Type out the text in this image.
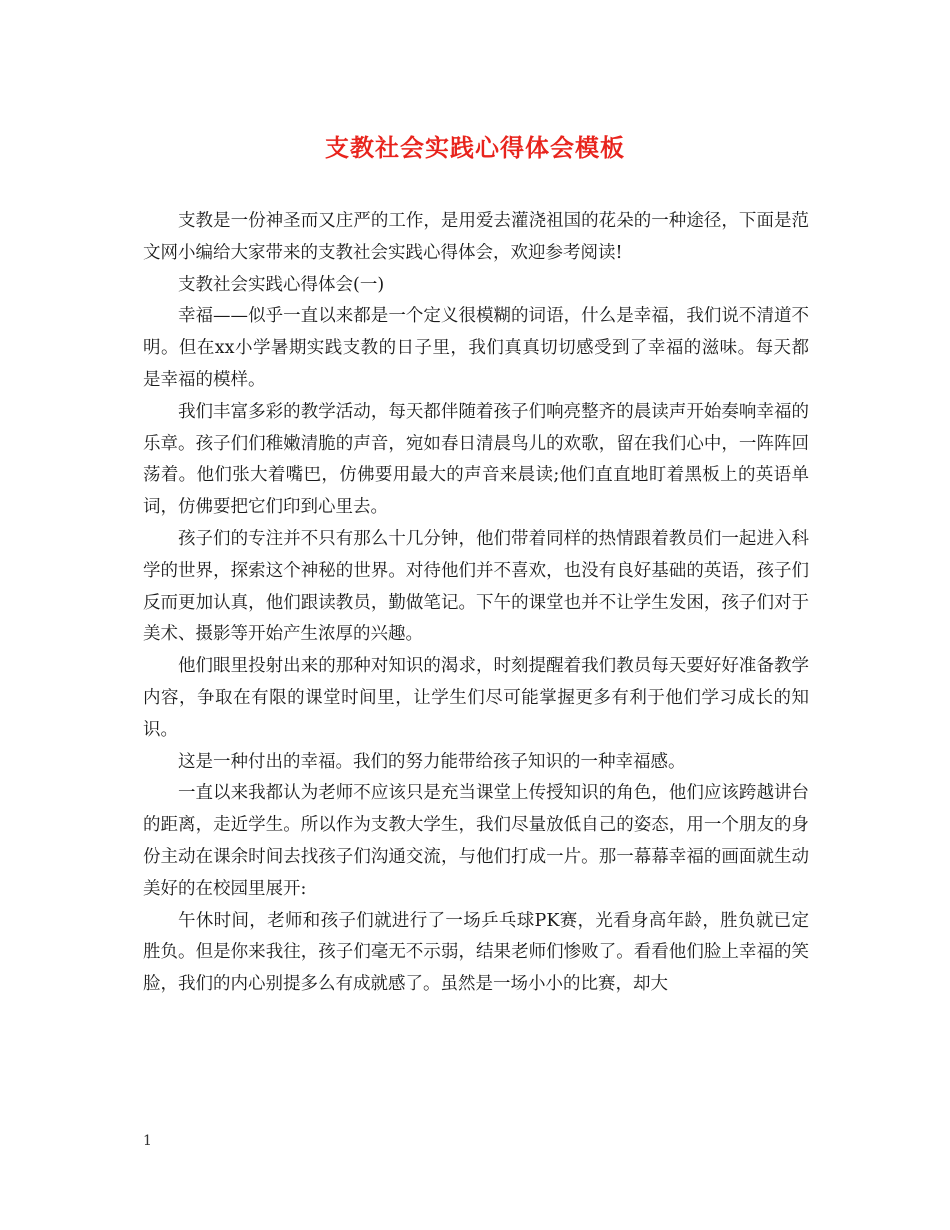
支教社会实践心得体会模板

支教是一份神圣而又庄严的工作，是用爱去灌浇祖国的花朵的一种途径，下面是范文网小编给大家带来的支教社会实践心得体会，欢迎参考阅读!

支教社会实践心得体会(一)

幸福——似乎一直以来都是一个定义很模糊的词语，什么是幸福，我们说不清道不明。但在xx小学暑期实践支教的日子里，我们真真切切感受到了幸福的滋味。每天都是幸福的模样。

我们丰富多彩的教学活动，每天都伴随着孩子们响亮整齐的晨读声开始奏响幸福的乐章。孩子们们稚嫩清脆的声音，宛如春日清晨鸟儿的欢歌，留在我们心中，一阵阵回荡着。他们张大着嘴巴，仿佛要用最大的声音来晨读;他们直直地盯着黑板上的英语单词，仿佛要把它们印到心里去。

孩子们的专注并不只有那么十几分钟，他们带着同样的热情跟着教员们一起进入科学的世界，探索这个神秘的世界。对待他们并不喜欢，也没有良好基础的英语，孩子们反而更加认真，他们跟读教员，勤做笔记。下午的课堂也并不让学生发困，孩子们对于美术、摄影等开始产生浓厚的兴趣。

他们眼里投射出来的那种对知识的渴求，时刻提醒着我们教员每天要好好准备教学内容，争取在有限的课堂时间里，让学生们尽可能掌握更多有利于他们学习成长的知识。

这是一种付出的幸福。我们的努力能带给孩子知识的一种幸福感。

一直以来我都认为老师不应该只是充当课堂上传授知识的角色，他们应该跨越讲台的距离，走近学生。所以作为支教大学生，我们尽量放低自己的姿态，用一个朋友的身份主动在课余时间去找孩子们沟通交流，与他们打成一片。那一幕幕幸福的画面就生动美好的在校园里展开:

午休时间，老师和孩子们就进行了一场乒乓球PK赛，光看身高年龄，胜负就已定胜负。但是你来我往，孩子们毫无不示弱，结果老师们惨败了。看看他们脸上幸福的笑脸，我们的内心别提多么有成就感了。虽然是一场小小的比赛，却大

1
